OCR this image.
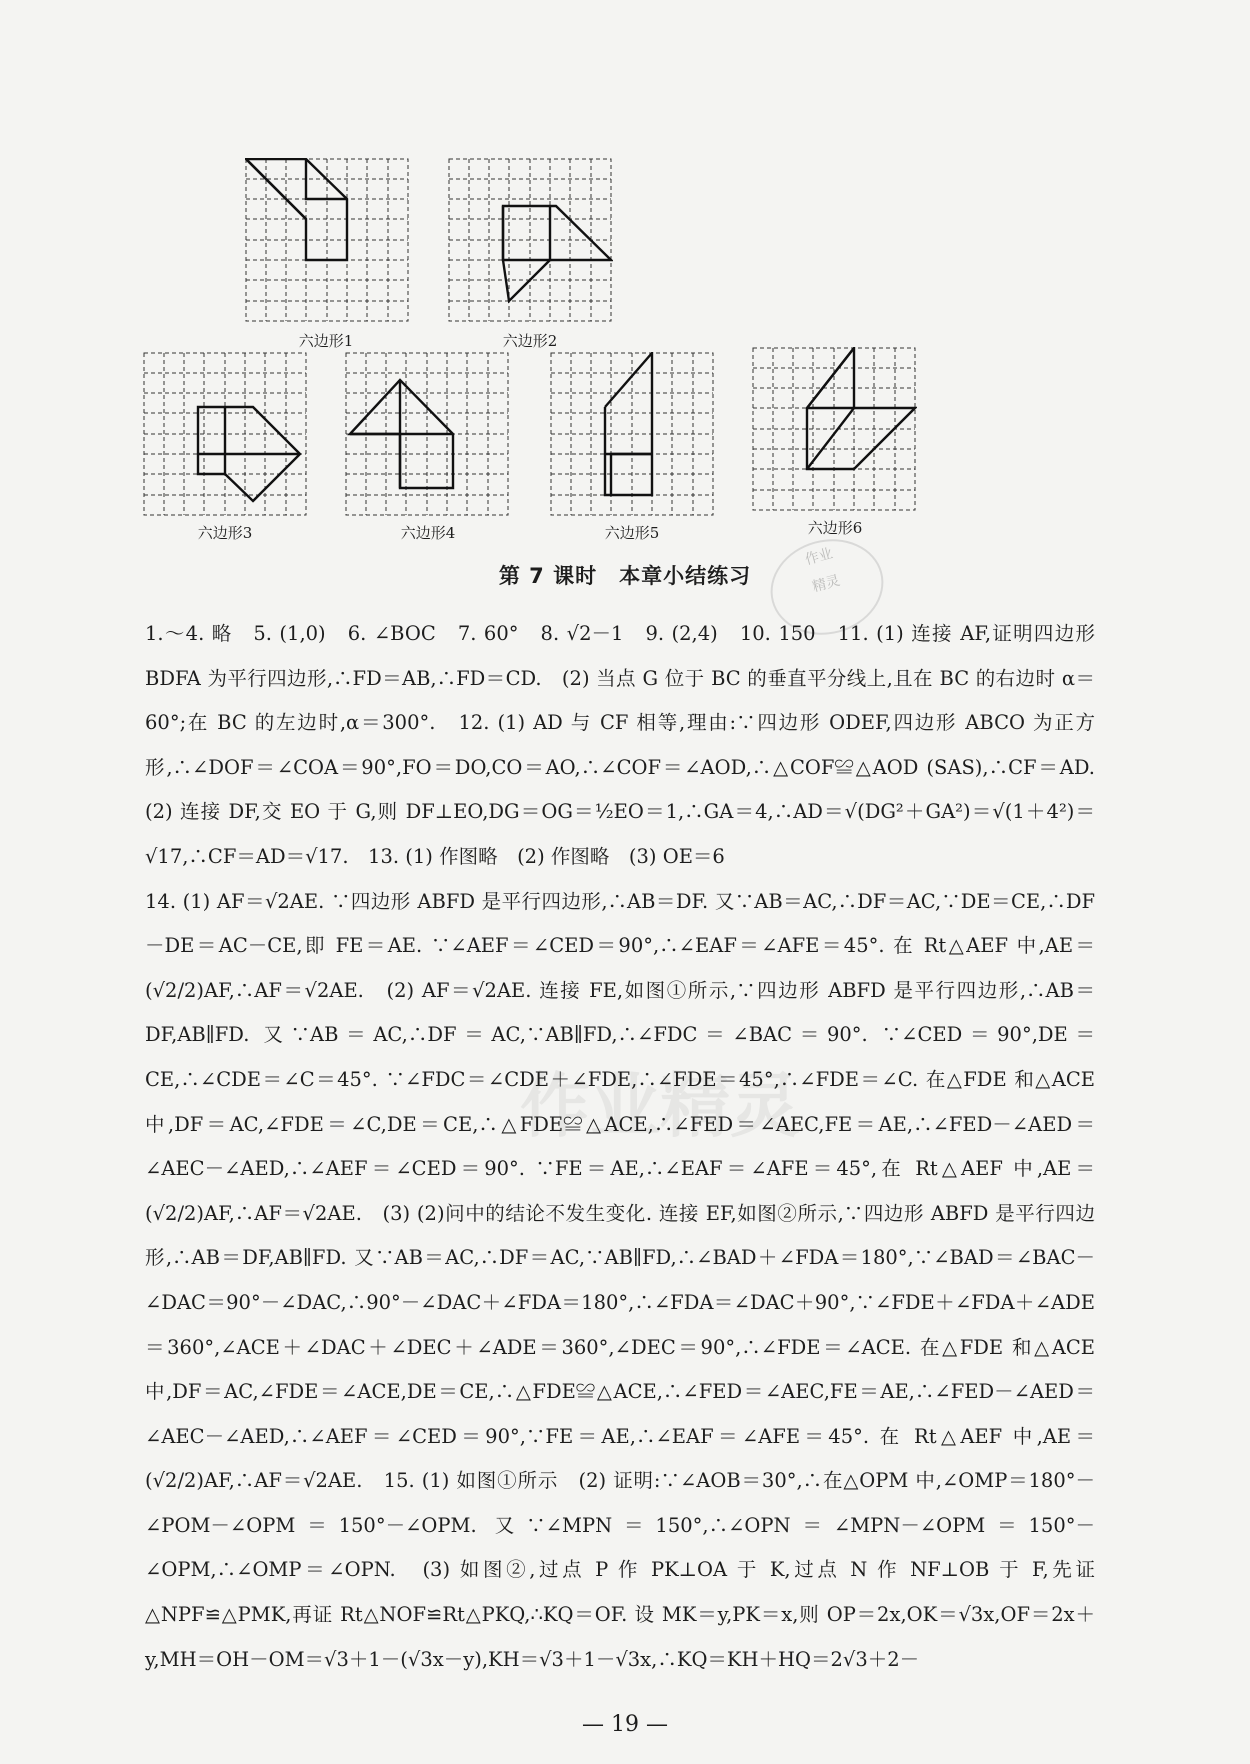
六边形1	六边形2
六边形3	六边形4	六边形5	六边形6
第 7 课时　本章小结练习
作业
精灵
作业精灵

1.～4. 略　5. (1,0)　6. ∠BOC　7. 60°　8. √2－1　9. (2,4)　10. 150　11. (1) 连接 AF,证明四边形 BDFA 为平行四边形,∴FD＝AB,∴FD＝CD.　(2) 当点 G 位于 BC 的垂直平分线上,且在 BC 的右边时 α＝60°;在 BC 的左边时,α＝300°.　12. (1) AD 与 CF 相等,理由:∵四边形 ODEF,四边形 ABCO 为正方形,∴∠DOF＝∠COA＝90°,FO＝DO,CO＝AO,∴∠COF＝∠AOD,∴△COF≌△AOD (SAS),∴CF＝AD.　(2) 连接 DF,交 EO 于 G,则 DF⊥EO,DG＝OG＝½EO＝1,∴GA＝4,∴AD＝√(DG²＋GA²)＝√(1＋4²)＝√17,∴CF＝AD＝√17.　13. (1) 作图略　(2) 作图略　(3) OE＝6

14. (1) AF＝√2AE. ∵四边形 ABFD 是平行四边形,∴AB＝DF. 又∵AB＝AC,∴DF＝AC,∵DE＝CE,∴DF－DE＝AC－CE,即 FE＝AE. ∵∠AEF＝∠CED＝90°,∴∠EAF＝∠AFE＝45°. 在 Rt△AEF 中,AE＝(√2/2)AF,∴AF＝√2AE.　(2) AF＝√2AE. 连接 FE,如图①所示,∵四边形 ABFD 是平行四边形,∴AB＝DF,AB∥FD. 又∵AB＝AC,∴DF＝AC,∵AB∥FD,∴∠FDC＝∠BAC＝90°. ∵∠CED＝90°,DE＝CE,∴∠CDE＝∠C＝45°. ∵∠FDC＝∠CDE＋∠FDE,∴∠FDE＝45°,∴∠FDE＝∠C. 在△FDE 和△ACE 中,DF＝AC,∠FDE＝∠C,DE＝CE,∴△FDE≌△ACE,∴∠FED＝∠AEC,FE＝AE,∴∠FED－∠AED＝∠AEC－∠AED,∴∠AEF＝∠CED＝90°. ∵FE＝AE,∴∠EAF＝∠AFE＝45°,在 Rt△AEF 中,AE＝(√2/2)AF,∴AF＝√2AE.　(3) (2)问中的结论不发生变化. 连接 EF,如图②所示,∵四边形 ABFD 是平行四边形,∴AB＝DF,AB∥FD. 又∵AB＝AC,∴DF＝AC,∵AB∥FD,∴∠BAD＋∠FDA＝180°,∵∠BAD＝∠BAC－∠DAC＝90°－∠DAC,∴90°－∠DAC＋∠FDA＝180°,∴∠FDA＝∠DAC＋90°,∵∠FDE＋∠FDA＋∠ADE＝360°,∠ACE＋∠DAC＋∠DEC＋∠ADE＝360°,∠DEC＝90°,∴∠FDE＝∠ACE. 在△FDE 和△ACE 中,DF＝AC,∠FDE＝∠ACE,DE＝CE,∴△FDE≌△ACE,∴∠FED＝∠AEC,FE＝AE,∴∠FED－∠AED＝∠AEC－∠AED,∴∠AEF＝∠CED＝90°,∵FE＝AE,∴∠EAF＝∠AFE＝45°. 在 Rt△AEF 中,AE＝(√2/2)AF,∴AF＝√2AE.　15. (1) 如图①所示　(2) 证明:∵∠AOB＝30°,∴在△OPM 中,∠OMP＝180°－∠POM－∠OPM＝150°－∠OPM. 又∵∠MPN＝150°,∴∠OPN＝∠MPN－∠OPM＝150°－∠OPM,∴∠OMP＝∠OPN.　(3) 如图②,过点 P 作 PK⊥OA 于 K,过点 N 作 NF⊥OB 于 F,先证△NPF≌△PMK,再证 Rt△NOF≌Rt△PKQ,∴KQ＝OF. 设 MK＝y,PK＝x,则 OP＝2x,OK＝√3x,OF＝2x＋y,MH＝OH－OM＝√3＋1－(√3x－y),KH＝√3＋1－√3x,∴KQ＝KH＋HQ＝2√3＋2－

— 19 —
